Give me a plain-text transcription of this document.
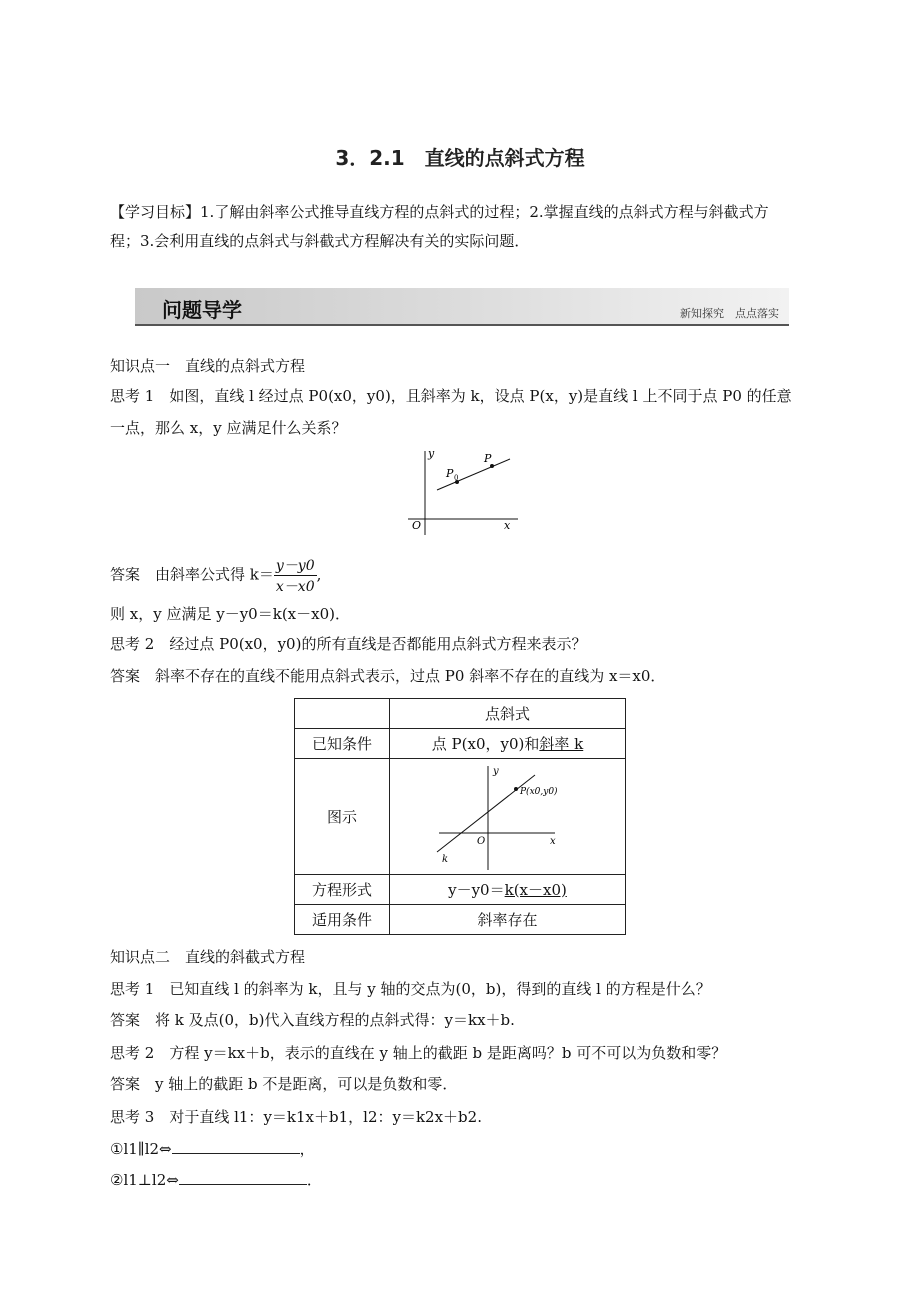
3．2.1　直线的点斜式方程
【学习目标】1.了解由斜率公式推导直线方程的点斜式的过程；2.掌握直线的点斜式方程与斜截式方
程；3.会利用直线的点斜式与斜截式方程解决有关的实际问题．
问题导学	新知探究　点点落实
知识点一　直线的点斜式方程
思考 1　 如图，直线 l 经过点 P0(x0，y0)，且斜率为 k，设点 P(x，y)是直线 l 上不同于点 P0 的任意
一点，那么 x，y 应满足什么关系？
y
x
O
P 0
P
答案　 由斜率公式得 $k= \frac{y-y0}{x-x0}$ ,
则 x，y 应满足 y－y0＝k(x－x0)．
思考 2　 经过点 P0(x0，y0)的所有直线是否都能用点斜式方程来表示？
答案　 斜率不存在的直线不能用点斜式表示，过点 P0 斜率不存在的直线为 x＝x0．
	点斜式
已知条件	点 P(x0，y0)和斜率 k
图示	y
x
O
k
P(x0,y0)

方程形式	y－y0＝k(x－x0)
适用条件	斜率存在
知识点二　直线的斜截式方程
思考 1　 已知直线 l 的斜率为 k，且与 y 轴的交点为(0，b)，得到的直线 l 的方程是什么？
答案　 将 k 及点(0，b)代入直线方程的点斜式得：y＝kx＋b.
思考 2　 方程 y＝kx＋b，表示的直线在 y 轴上的截距 b 是距离吗？b 可不可以为负数和零？
答案　 y 轴上的截距 b 不是距离，可以是负数和零．
思考 3　 对于直线 l1：y＝k1x＋b1，l2：y＝k2x＋b2.
①l1∥l2⇔	，
②l1⊥l2⇔	．
